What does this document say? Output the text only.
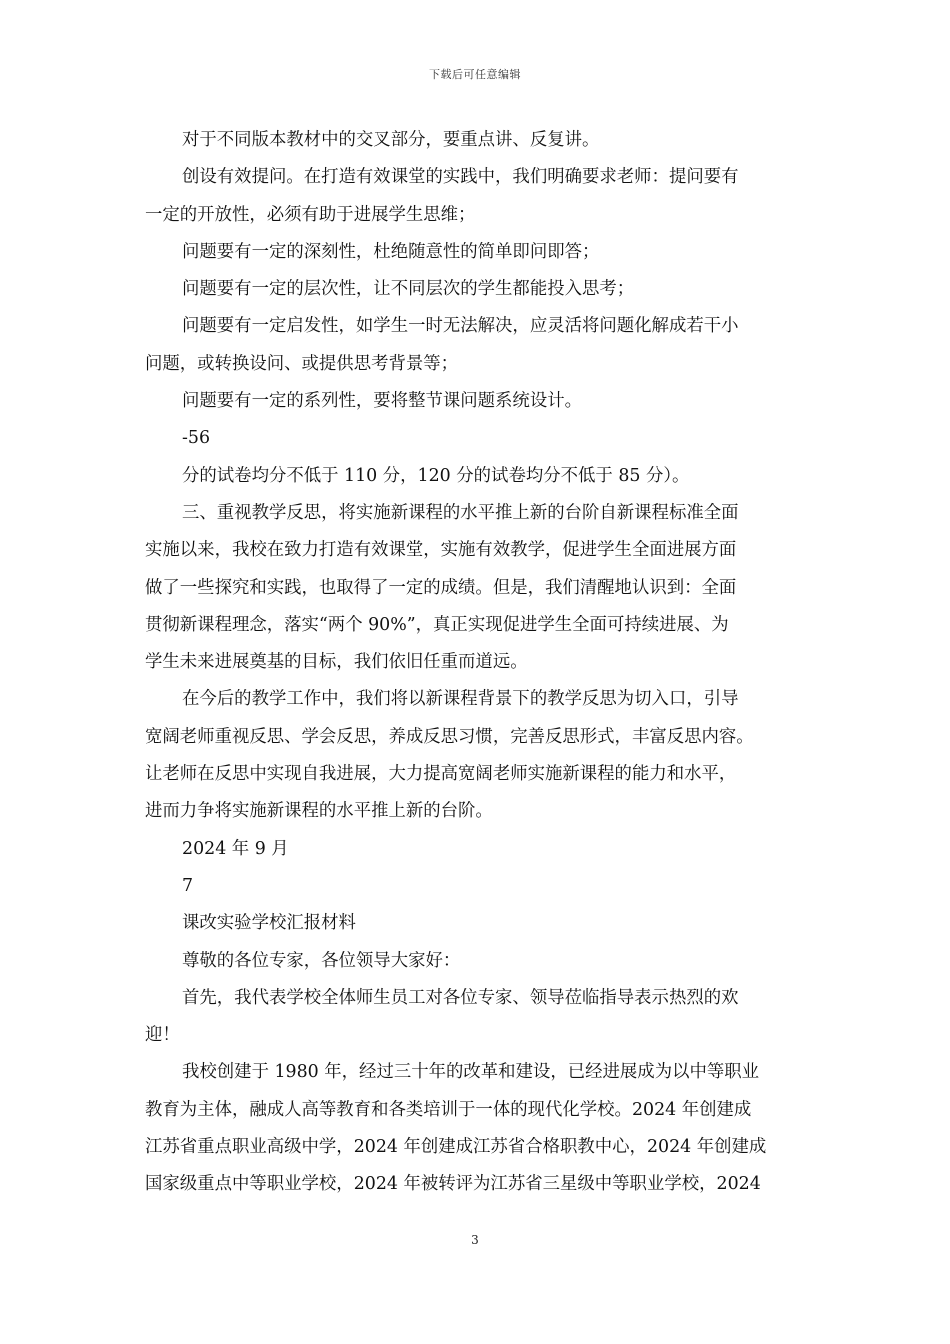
下载后可任意编辑
对于不同版本教材中的交叉部分，要重点讲、反复讲。
创设有效提问。在打造有效课堂的实践中，我们明确要求老师：提问要有
一定的开放性，必须有助于进展学生思维；
问题要有一定的深刻性，杜绝随意性的简单即问即答；
问题要有一定的层次性，让不同层次的学生都能投入思考；
问题要有一定启发性，如学生一时无法解决，应灵活将问题化解成若干小
问题，或转换设问、或提供思考背景等；
问题要有一定的系列性，要将整节课问题系统设计。
-56
分的试卷均分不低于 110 分，120 分的试卷均分不低于 85 分）。
三、重视教学反思，将实施新课程的水平推上新的台阶自新课程标准全面
实施以来，我校在致力打造有效课堂，实施有效教学，促进学生全面进展方面
做了一些探究和实践，也取得了一定的成绩。但是，我们清醒地认识到：全面
贯彻新课程理念，落实“两个 90%”，真正实现促进学生全面可持续进展、为
学生未来进展奠基的目标，我们依旧任重而道远。
在今后的教学工作中，我们将以新课程背景下的教学反思为切入口，引导
宽阔老师重视反思、学会反思，养成反思习惯，完善反思形式，丰富反思内容。
让老师在反思中实现自我进展，大力提高宽阔老师实施新课程的能力和水平，
进而力争将实施新课程的水平推上新的台阶。
2024 年 9 月
7
课改实验学校汇报材料
尊敬的各位专家，各位领导大家好：
首先，我代表学校全体师生员工对各位专家、领导莅临指导表示热烈的欢
迎！
我校创建于 1980 年，经过三十年的改革和建设，已经进展成为以中等职业
教育为主体，融成人高等教育和各类培训于一体的现代化学校。2024 年创建成
江苏省重点职业高级中学，2024 年创建成江苏省合格职教中心，2024 年创建成
国家级重点中等职业学校，2024 年被转评为江苏省三星级中等职业学校，2024
3
